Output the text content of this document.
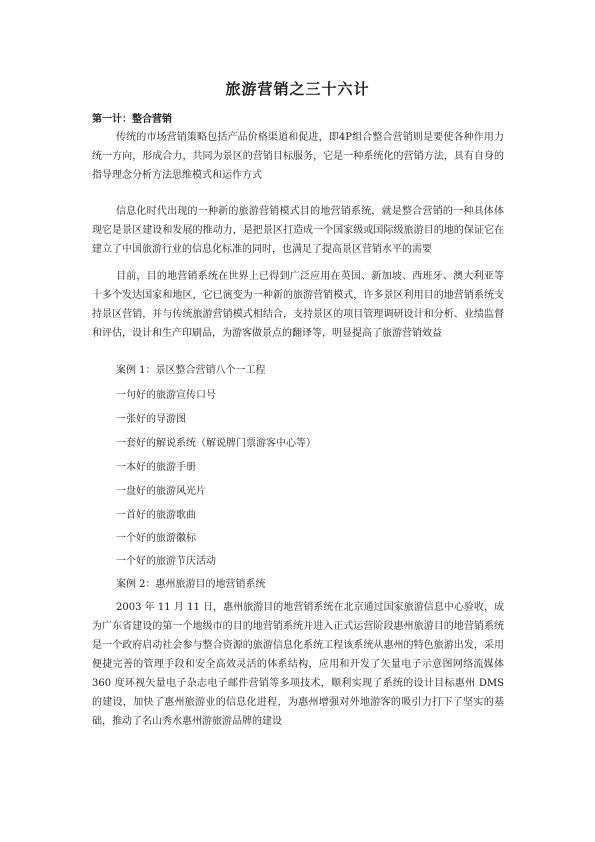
旅游营销之三十六计
第一计：整合营销
传统的市场营销策略包括产品价格渠道和促进，即4P组合整合营销则是要使各种作用力统一方向，形成合力，共同为景区的营销目标服务，它是一种系统化的营销方法，具有自身的指导理念分析方法思维模式和运作方式
信息化时代出现的一种新的旅游营销模式目的地营销系统，就是整合营销的一种具体体现它是景区建设和发展的推动力，是把景区打造成一个国家级或国际级旅游目的地的保证它在建立了中国旅游行业的信息化标准的同时，也满足了提高景区营销水平的需要
目前，目的地营销系统在世界上已得到广泛应用在英国、新加坡、西班牙、澳大利亚等十多个发达国家和地区，它已演变为一种新的旅游营销模式，许多景区利用目的地营销系统支持景区营销，并与传统旅游营销模式相结合，支持景区的项目管理调研设计和分析、业绩监督和评估，设计和生产印刷品，为游客做景点的翻译等，明显提高了旅游营销效益
案例 1：景区整合营销八个一工程
一句好的旅游宣传口号
一张好的导游图
一套好的解说系统（解说牌门票游客中心等）
一本好的旅游手册
一盘好的旅游风光片
一首好的旅游歌曲
一个好的旅游徽标
一个好的旅游节庆活动
案例 2：惠州旅游目的地营销系统
2003 年 11 月 11 日，惠州旅游目的地营销系统在北京通过国家旅游信息中心验收，成为广东省建设的第一个地级市的目的地营销系统并进入正式运营阶段惠州旅游目的地营销系统是一个政府启动社会参与整合资源的旅游信息化系统工程该系统从惠州的特色旅游出发，采用便捷完善的管理手段和安全高效灵活的体系结构，应用和开发了矢量电子示意图网络流媒体 360 度环视矢量电子杂志电子邮件营销等多项技术，顺利实现了系统的设计目标惠州 DMS 的建设，加快了惠州旅游业的信息化进程，为惠州增强对外地游客的吸引力打下了坚实的基础，推动了名山秀水惠州游旅游品牌的建设
